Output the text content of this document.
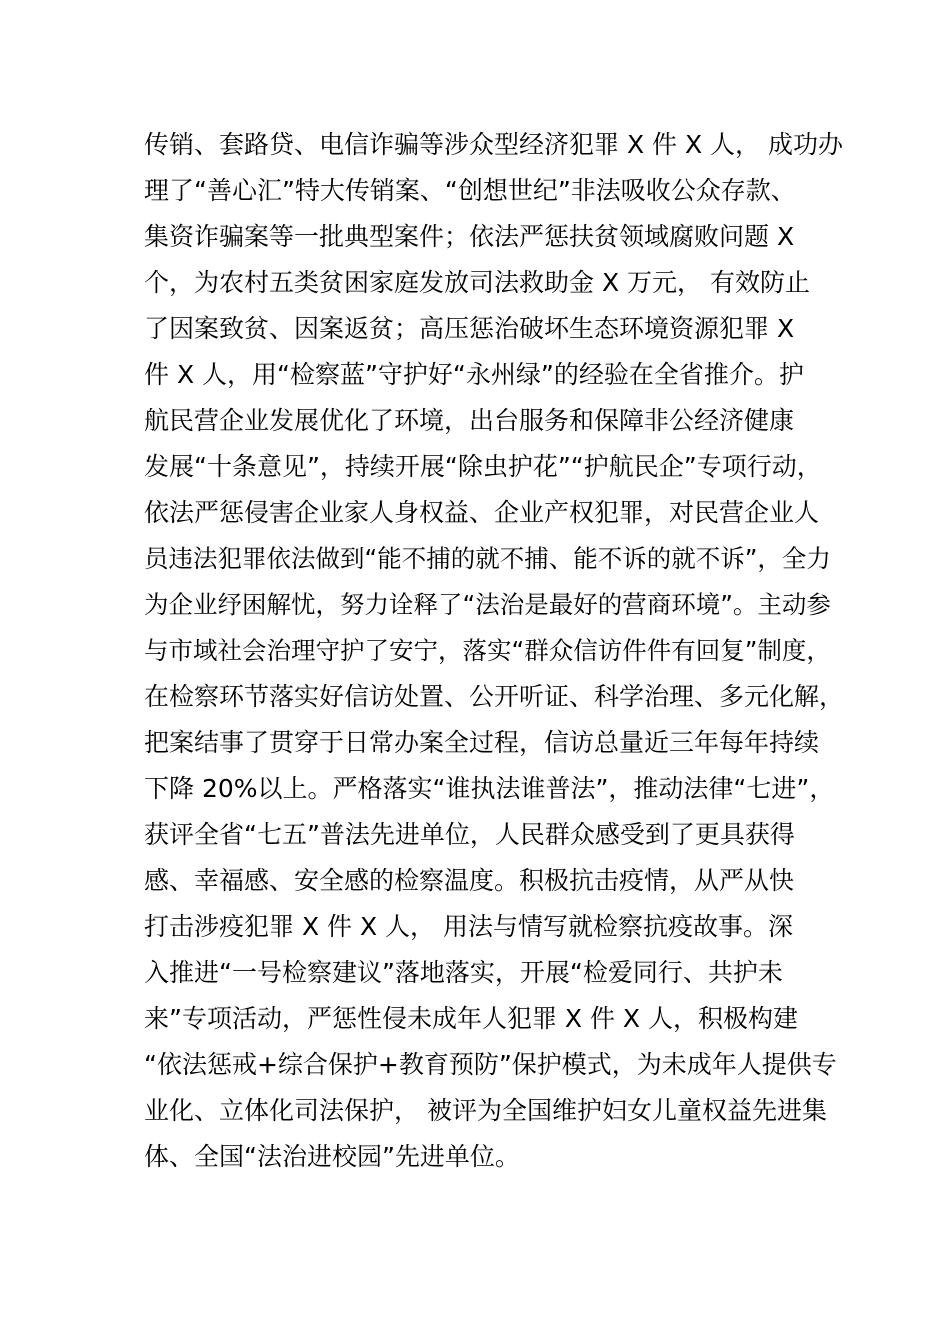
传销、套路贷、电信诈骗等涉众型经济犯罪 X 件 X 人， 成功办
理了“善心汇”特大传销案、“创想世纪”非法吸收公众存款、
集资诈骗案等一批典型案件；依法严惩扶贫领域腐败问题 X
个，为农村五类贫困家庭发放司法救助金 X 万元， 有效防止
了因案致贫、因案返贫；高压惩治破坏生态环境资源犯罪 X
件 X 人，用“检察蓝”守护好“永州绿”的经验在全省推介。护
航民营企业发展优化了环境，出台服务和保障非公经济健康
发展“十条意见”，持续开展“除虫护花”“护航民企”专项行动，
依法严惩侵害企业家人身权益、企业产权犯罪，对民营企业人
员违法犯罪依法做到“能不捕的就不捕、能不诉的就不诉”，全力
为企业纾困解忧，努力诠释了“法治是最好的营商环境”。主动参
与市域社会治理守护了安宁，落实“群众信访件件有回复”制度，
在检察环节落实好信访处置、公开听证、科学治理、多元化解，
把案结事了贯穿于日常办案全过程，信访总量近三年每年持续
下降 20%以上。严格落实“谁执法谁普法”，推动法律“七进”，
获评全省“七五”普法先进单位，人民群众感受到了更具获得
感、幸福感、安全感的检察温度。积极抗击疫情，从严从快
打击涉疫犯罪 X 件 X 人， 用法与情写就检察抗疫故事。深
入推进“一号检察建议”落地落实，开展“检爱同行、共护未
来”专项活动，严惩性侵未成年人犯罪 X 件 X 人，积极构建
“依法惩戒+综合保护+教育预防”保护模式，为未成年人提供专
业化、立体化司法保护， 被评为全国维护妇女儿童权益先进集
体、全国“法治进校园”先进单位。
